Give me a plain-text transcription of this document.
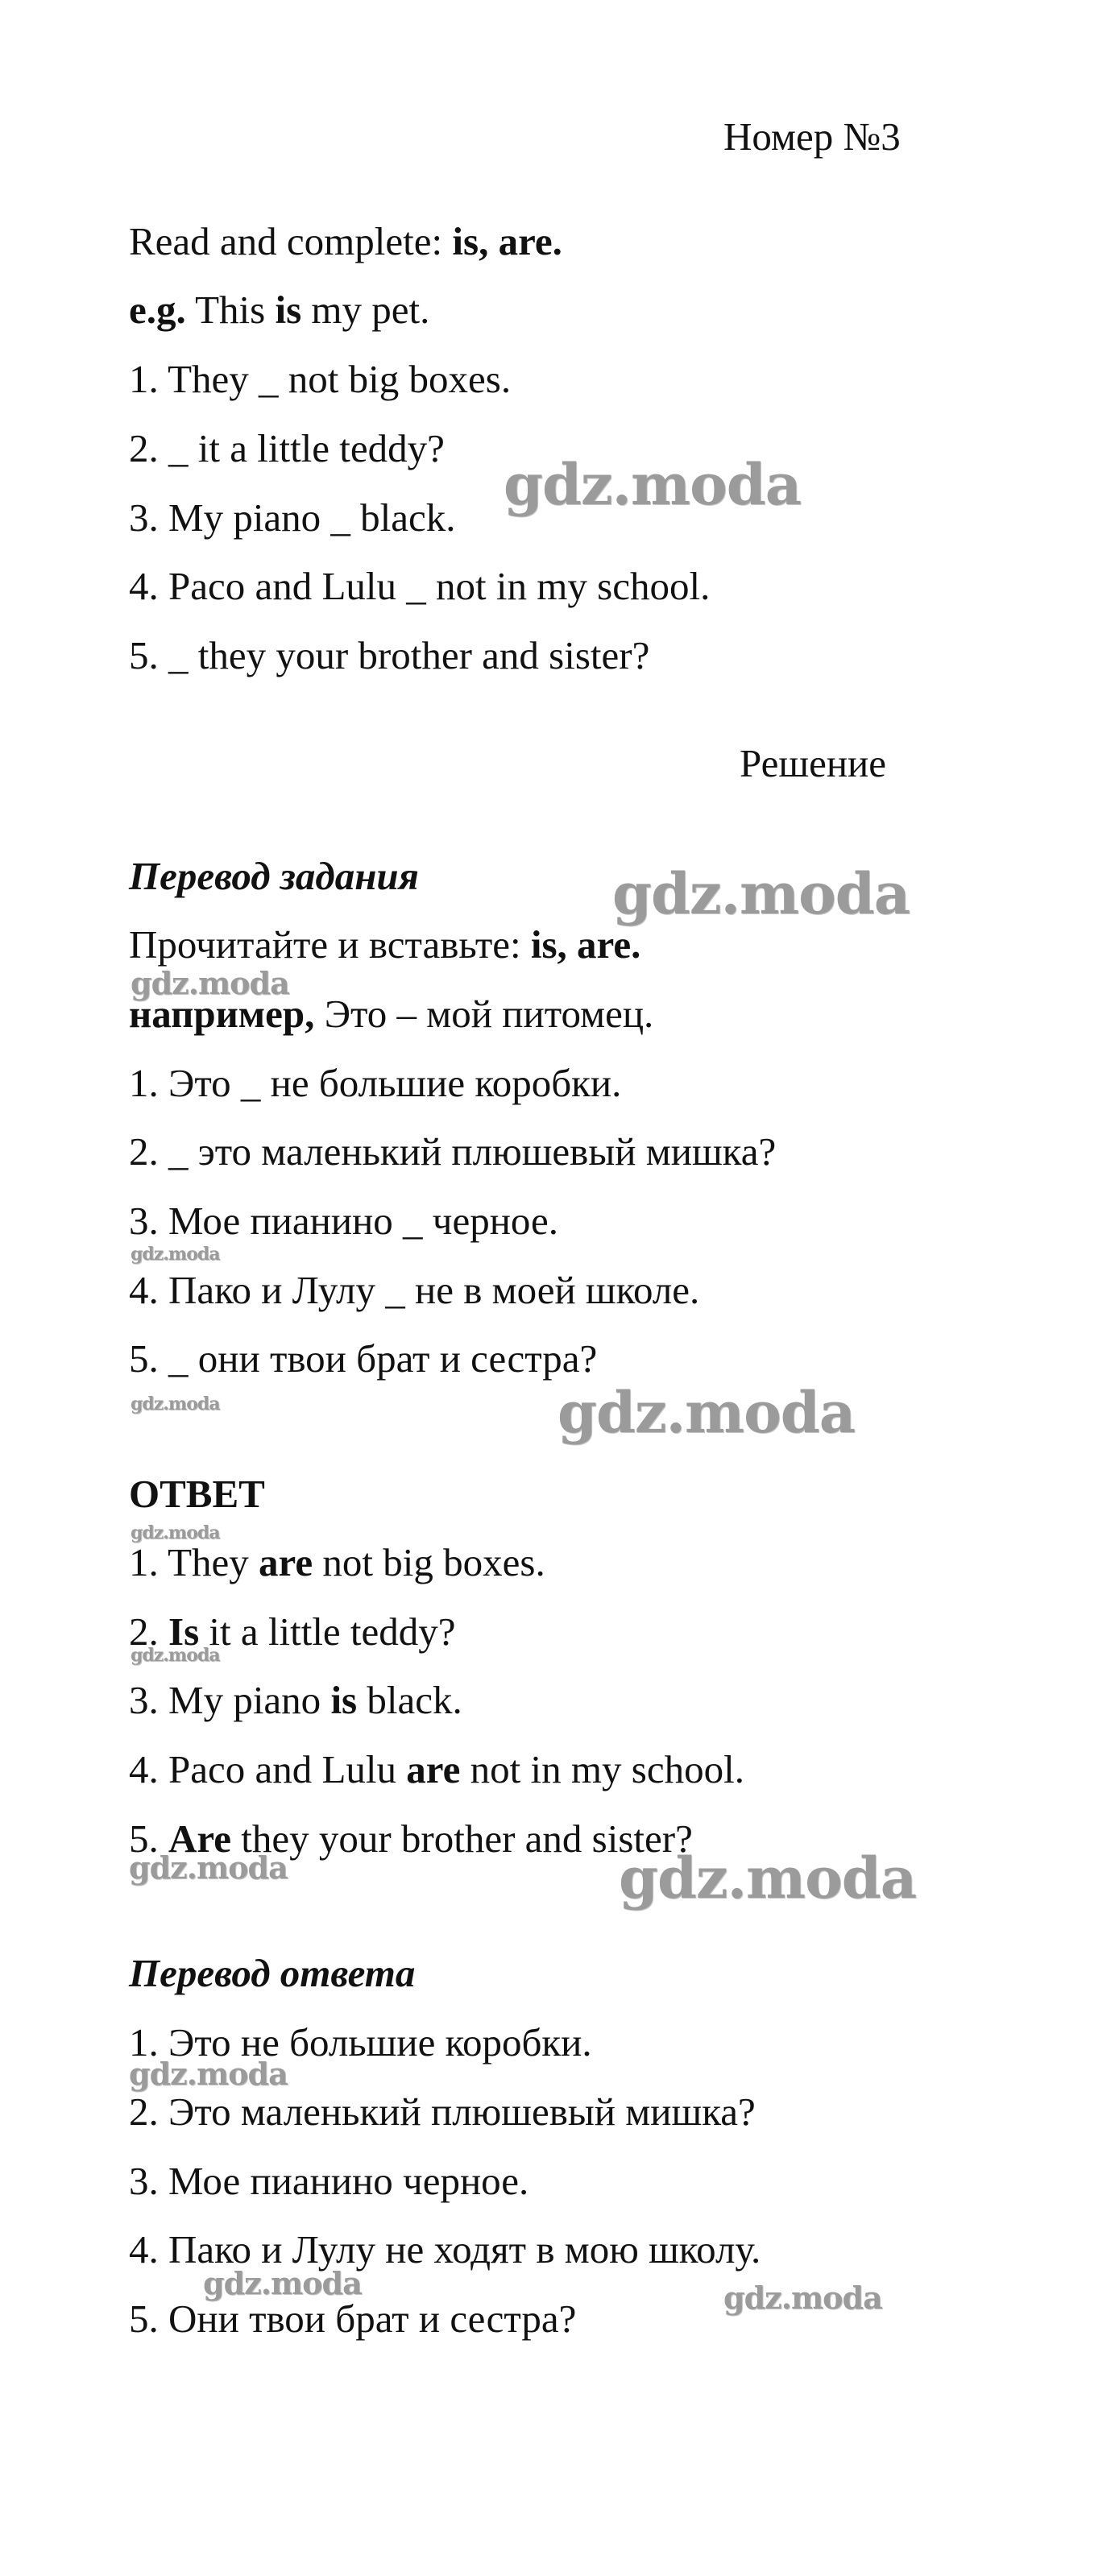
Номер №3
Read and complete: is, are.
e.g. This is my pet.
1. They _ not big boxes.
2. _ it a little teddy?
3. My piano _ black.
4. Paco and Lulu _ not in my school.
5. _ they your brother and sister?
Решение
Перевод задания
Прочитайте и вставьте: is, are.
например, Это – мой питомец.
1. Это _ не большие коробки.
2. _ это маленький плюшевый мишка?
3. Мое пианино _ черное.
4. Пако и Лулу _ не в моей школе.
5. _ они твои брат и сестра?
ОТВЕТ
1. They are not big boxes.
2. Is it a little teddy?
3. My piano is black.
4. Paco and Lulu are not in my school.
5. Are they your brother and sister?
Перевод ответа
1. Это не большие коробки.
2. Это маленький плюшевый мишка?
3. Мое пианино черное.
4. Пако и Лулу не ходят в мою школу.
5. Они твои брат и сестра?
gdz.moda
gdz.moda
gdz.moda
gdz.moda
gdz.moda	gdz.moda
gdz.moda
gdz.moda
gdz.moda	gdz.moda
gdz.moda
gdz.moda	gdz.moda
